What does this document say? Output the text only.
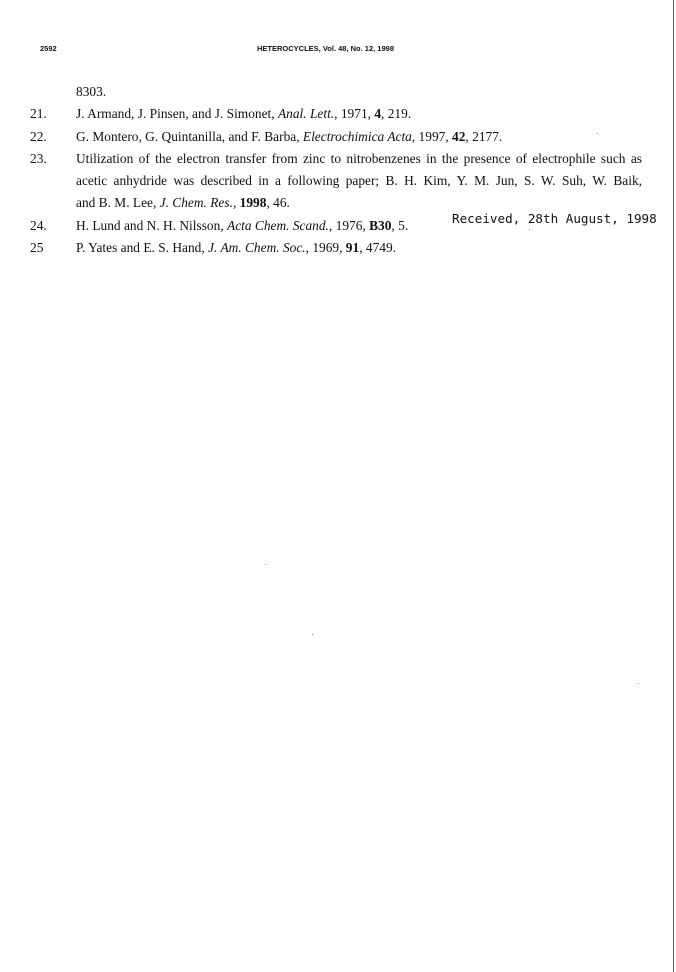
2592	HETEROCYCLES, Vol. 48, No. 12, 1998
8303.
21.	J. Armand, J. Pinsen, and J. Simonet, Anal. Lett., 1971, 4, 219.
22.	G. Montero, G. Quintanilla, and F. Barba, Electrochimica Acta, 1997, 42, 2177.
23.	Utilization of the electron transfer from zinc to nitrobenzenes in the presence of electrophile such as
acetic anhydride was described in a following paper; B. H. Kim, Y. M. Jun, S. W. Suh, W. Baik,
and B. M. Lee, J. Chem. Res., 1998, 46.
24.	H. Lund and N. H. Nilsson, Acta Chem. Scand., 1976, B30, 5.
25	P. Yates and E. S. Hand, J. Am. Chem. Soc., 1969, 91, 4749.
Received, 28th August, 1998
